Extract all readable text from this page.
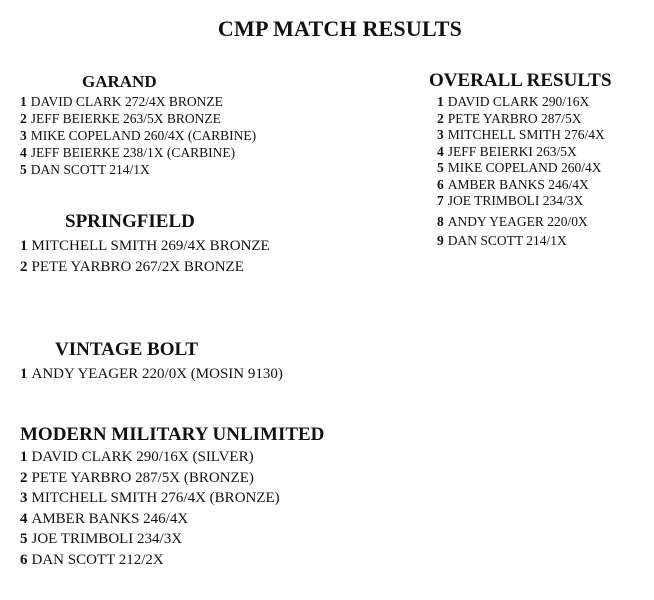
CMP MATCH RESULTS
GARAND
1 DAVID CLARK 272/4X BRONZE
2 JEFF BEIERKE 263/5X BRONZE
3 MIKE COPELAND 260/4X (CARBINE)
4 JEFF BEIERKE 238/1X (CARBINE)
5 DAN SCOTT 214/1X
SPRINGFIELD
1 MITCHELL SMITH 269/4X BRONZE
2 PETE YARBRO 267/2X BRONZE
VINTAGE BOLT
1 ANDY YEAGER 220/0X (MOSIN 9130)
MODERN MILITARY UNLIMITED
1 DAVID CLARK 290/16X (SILVER)
2 PETE YARBRO 287/5X (BRONZE)
3 MITCHELL SMITH 276/4X (BRONZE)
4 AMBER BANKS 246/4X
5 JOE TRIMBOLI 234/3X
6 DAN SCOTT 212/2X
OVERALL RESULTS
1 DAVID CLARK 290/16X
2 PETE YARBRO 287/5X
3 MITCHELL SMITH 276/4X
4 JEFF BEIERKI 263/5X
5 MIKE COPELAND 260/4X
6 AMBER BANKS 246/4X
7 JOE TRIMBOLI 234/3X
8 ANDY YEAGER 220/0X
9 DAN SCOTT 214/1X
